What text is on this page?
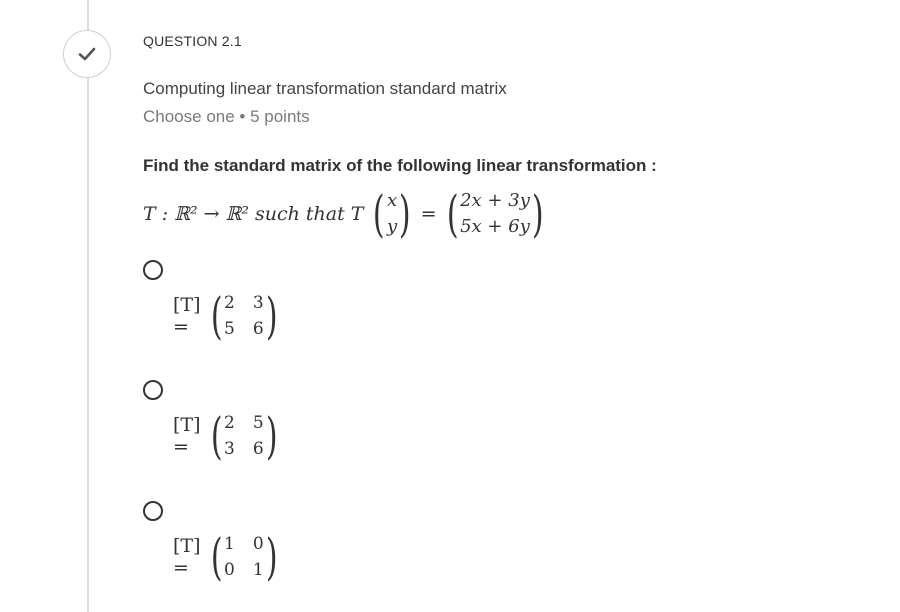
QUESTION 2.1
Computing linear transformation standard matrix
Choose one • 5 points
Find the standard matrix of the following linear transformation :
T : ℝ² → ℝ² such that T ( x
y ) = ( 2x + 3y
5x + 6y )
[T] = ( 2 3
5 6 )
[T] = ( 2 5
3 6 )
[T] = ( 1 0
0 1 )
